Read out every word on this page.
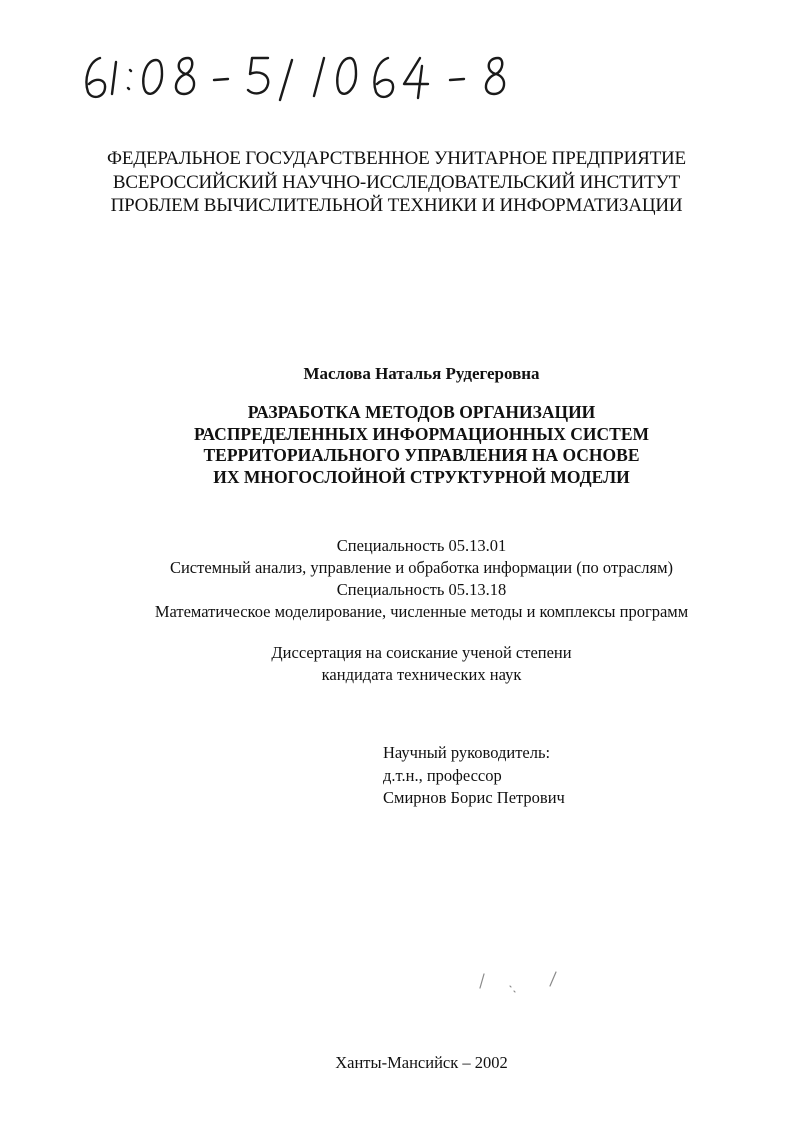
ФЕДЕРАЛЬНОЕ ГОСУДАРСТВЕННОЕ УНИТАРНОЕ ПРЕДПРИЯТИЕ
ВСЕРОССИЙСКИЙ НАУЧНО-ИССЛЕДОВАТЕЛЬСКИЙ ИНСТИТУТ
ПРОБЛЕМ ВЫЧИСЛИТЕЛЬНОЙ ТЕХНИКИ И ИНФОРМАТИЗАЦИИ
Маслова Наталья Рудегеровна
РАЗРАБОТКА МЕТОДОВ ОРГАНИЗАЦИИ
РАСПРЕДЕЛЕННЫХ ИНФОРМАЦИОННЫХ СИСТЕМ
ТЕРРИТОРИАЛЬНОГО УПРАВЛЕНИЯ НА ОСНОВЕ
ИХ МНОГОСЛОЙНОЙ СТРУКТУРНОЙ МОДЕЛИ
Специальность 05.13.01
Системный анализ, управление и обработка информации (по отраслям)
Специальность 05.13.18
Математическое моделирование, численные методы и комплексы программ
Диссертация на соискание ученой степени
кандидата технических наук
Научный руководитель:
д.т.н., профессор
Смирнов Борис Петрович
Ханты-Мансийск – 2002
